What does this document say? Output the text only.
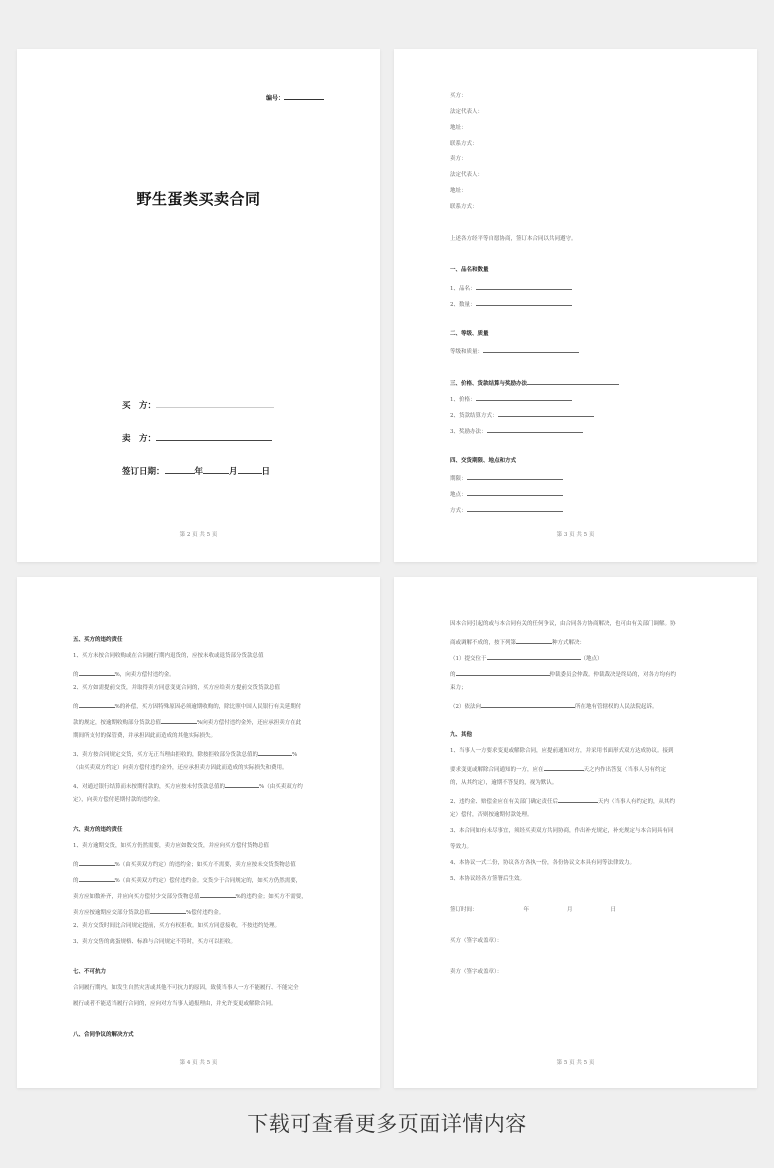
编号：
野生蛋类买卖合同
买　方：
卖　方：
签订日期：	年	月	日
第 2 页 共 5 页
买方：
法定代表人：
地址：
联系方式：
卖方：
法定代表人：
地址：
联系方式：
上述各方经平等自愿协商，签订本合同以共同遵守。
一、品名和数量
1、品名：
2、数量：
二、等级、质量
等级和质量：
三、价格、货款结算与奖励办法
1、价格：
2、货款结算方式：
3、奖励办法：
四、交货期限、地点和方式
期限：
地点：
方式：
第 3 页 共 5 页
五、买方的违约责任
1、买方未按合同收购或在合同履行期内退货的，应按未收或退货部分货款总值
的	%，向卖方偿付违约金。
2、买方如需提前交货，并取得卖方同意变更合同的，买方应给卖方提前交货货款总值
的	%的补偿，买方因特殊原因必须逾期收购的，除比照中国人民银行有关延期付
款的规定，按逾期收购部分货款总值	%向卖方偿付违约金外，还应承担卖方在此
期间所支付的保管费，并承担因此而造成的其他实际损失。
3、卖方按合同规定交货，买方无正当理由拒收的，除按拒收部分货款总值的	%
（由买卖双方约定）向卖方偿付违约金外，还应承担卖方因此而造成的实际损失和费用。
4、对通过银行结算而未按期付款的，买方应按未付货款总值的	%（由买卖双方约
定），向卖方偿付延期付款的违约金。
六、卖方的违约责任
1、卖方逾期交货，如买方仍然需要，卖方应如数交货，并应向买方偿付货物总值
的	%（由买卖双方约定）的违约金；如买方不需要，卖方应按未交货货物总值
的	%（由买卖双方约定）偿付违约金。交货少于合同规定的，如买方仍然需要，
卖方应如数补齐，并应向买方偿付少交部分货物总值	%的违约金；如买方不需要，
卖方应按逾期应交部分货款总值	%偿付违约金。
2、卖方交货时间比合同规定提前，买方有权拒收。如买方同意接收，不按违约处理。
3、卖方交售的禽蛋规格、标准与合同规定不符时，买方可以拒收。
七、不可抗力
合同履行期内，如发生自然灾害或其他不可抗力的原因，致使当事人一方不能履行、不能完全
履行或者不能适当履行合同的，应向对方当事人通报理由，并允许变更或解除合同。
八、合同争议的解决方式
第 4 页 共 5 页
因本合同引起的或与本合同有关的任何争议，由合同各方协商解决，也可由有关部门调解。协
商或调解不成的，按下列第	种方式解决：
（1）提交位于	（地点）
的	仲裁委员会仲裁。仲裁裁决是终局的，对各方均有约
束力；
（2）依法向	所在地有管辖权的人民法院起诉。
九、其他
1、当事人一方要求变更或解除合同，应提前通知对方，并采用书面形式双方达成协议。接到
要求变更或解除合同通知的一方，应在	天之内作出答复（当事人另有约定
的，从其约定），逾期不答复的，视为默认。
2、违约金、赔偿金应在有关部门确定责任后	天内（当事人有约定的，从其约
定）偿付，否则按逾期付款处理。
3、本合同如有未尽事宜，须经买卖双方共同协商，作出补充规定，补充规定与本合同具有同
等效力。
4、本协议一式二份，协议各方各执一份，各份协议文本具有同等法律效力。
5、本协议经各方签署后生效。
签订时间：	年	月	日
买方（签字或盖章）：
卖方（签字或盖章）：
第 5 页 共 5 页
下载可查看更多页面详情内容
